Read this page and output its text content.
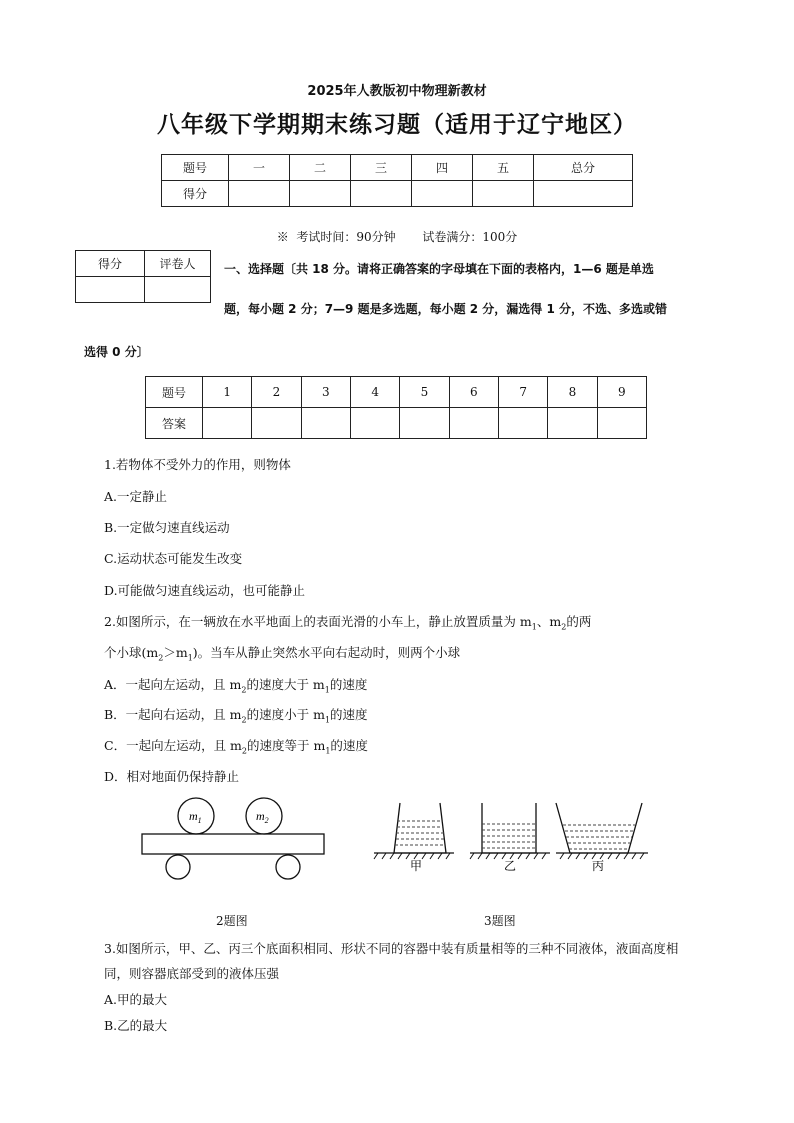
2025年人教版初中物理新教材
八年级下学期期末练习题（适用于辽宁地区）
题号	一	二	三	四	五	总分
得分						
※  考试时间：90分钟       试卷满分：100分
得分	评卷人
	一、选择题〔共 18 分。请将正确答案的字母填在下面的表格内，1—6 题是单选
题，每小题 2 分；7—9 题是多选题，每小题 2 分，漏选得 1 分，不选、多选或错
选得 0 分〕
题号	1	2	3	4	5	6	7	8	9
答案									
1.若物体不受外力的作用，则物体
A.一定静止
B.一定做匀速直线运动
C.运动状态可能发生改变
D.可能做匀速直线运动，也可能静止
2.如图所示，在一辆放在水平地面上的表面光滑的小车上，静止放置质量为 $m_1$、$m_2$的两
个小球$(m_2>m_1)$。当车从静止突然水平向右起动时，则两个小球
A．一起向左运动，且 $m_2$的速度大于 $m_1$的速度
B．一起向右运动，且 $m_2$的速度小于 $m_1$的速度
C．一起向左运动，且 $m_2$的速度等于 $m_1$的速度
D．相对地面仍保持静止
$m_1$	$m_2$
甲	乙	丙
2题图	3题图
3.如图所示，甲、乙、丙三个底面积相同、形状不同的容器中装有质量相等的三种不同液体，液面高度相
同，则容器底部受到的液体压强
A.甲的最大
B.乙的最大
